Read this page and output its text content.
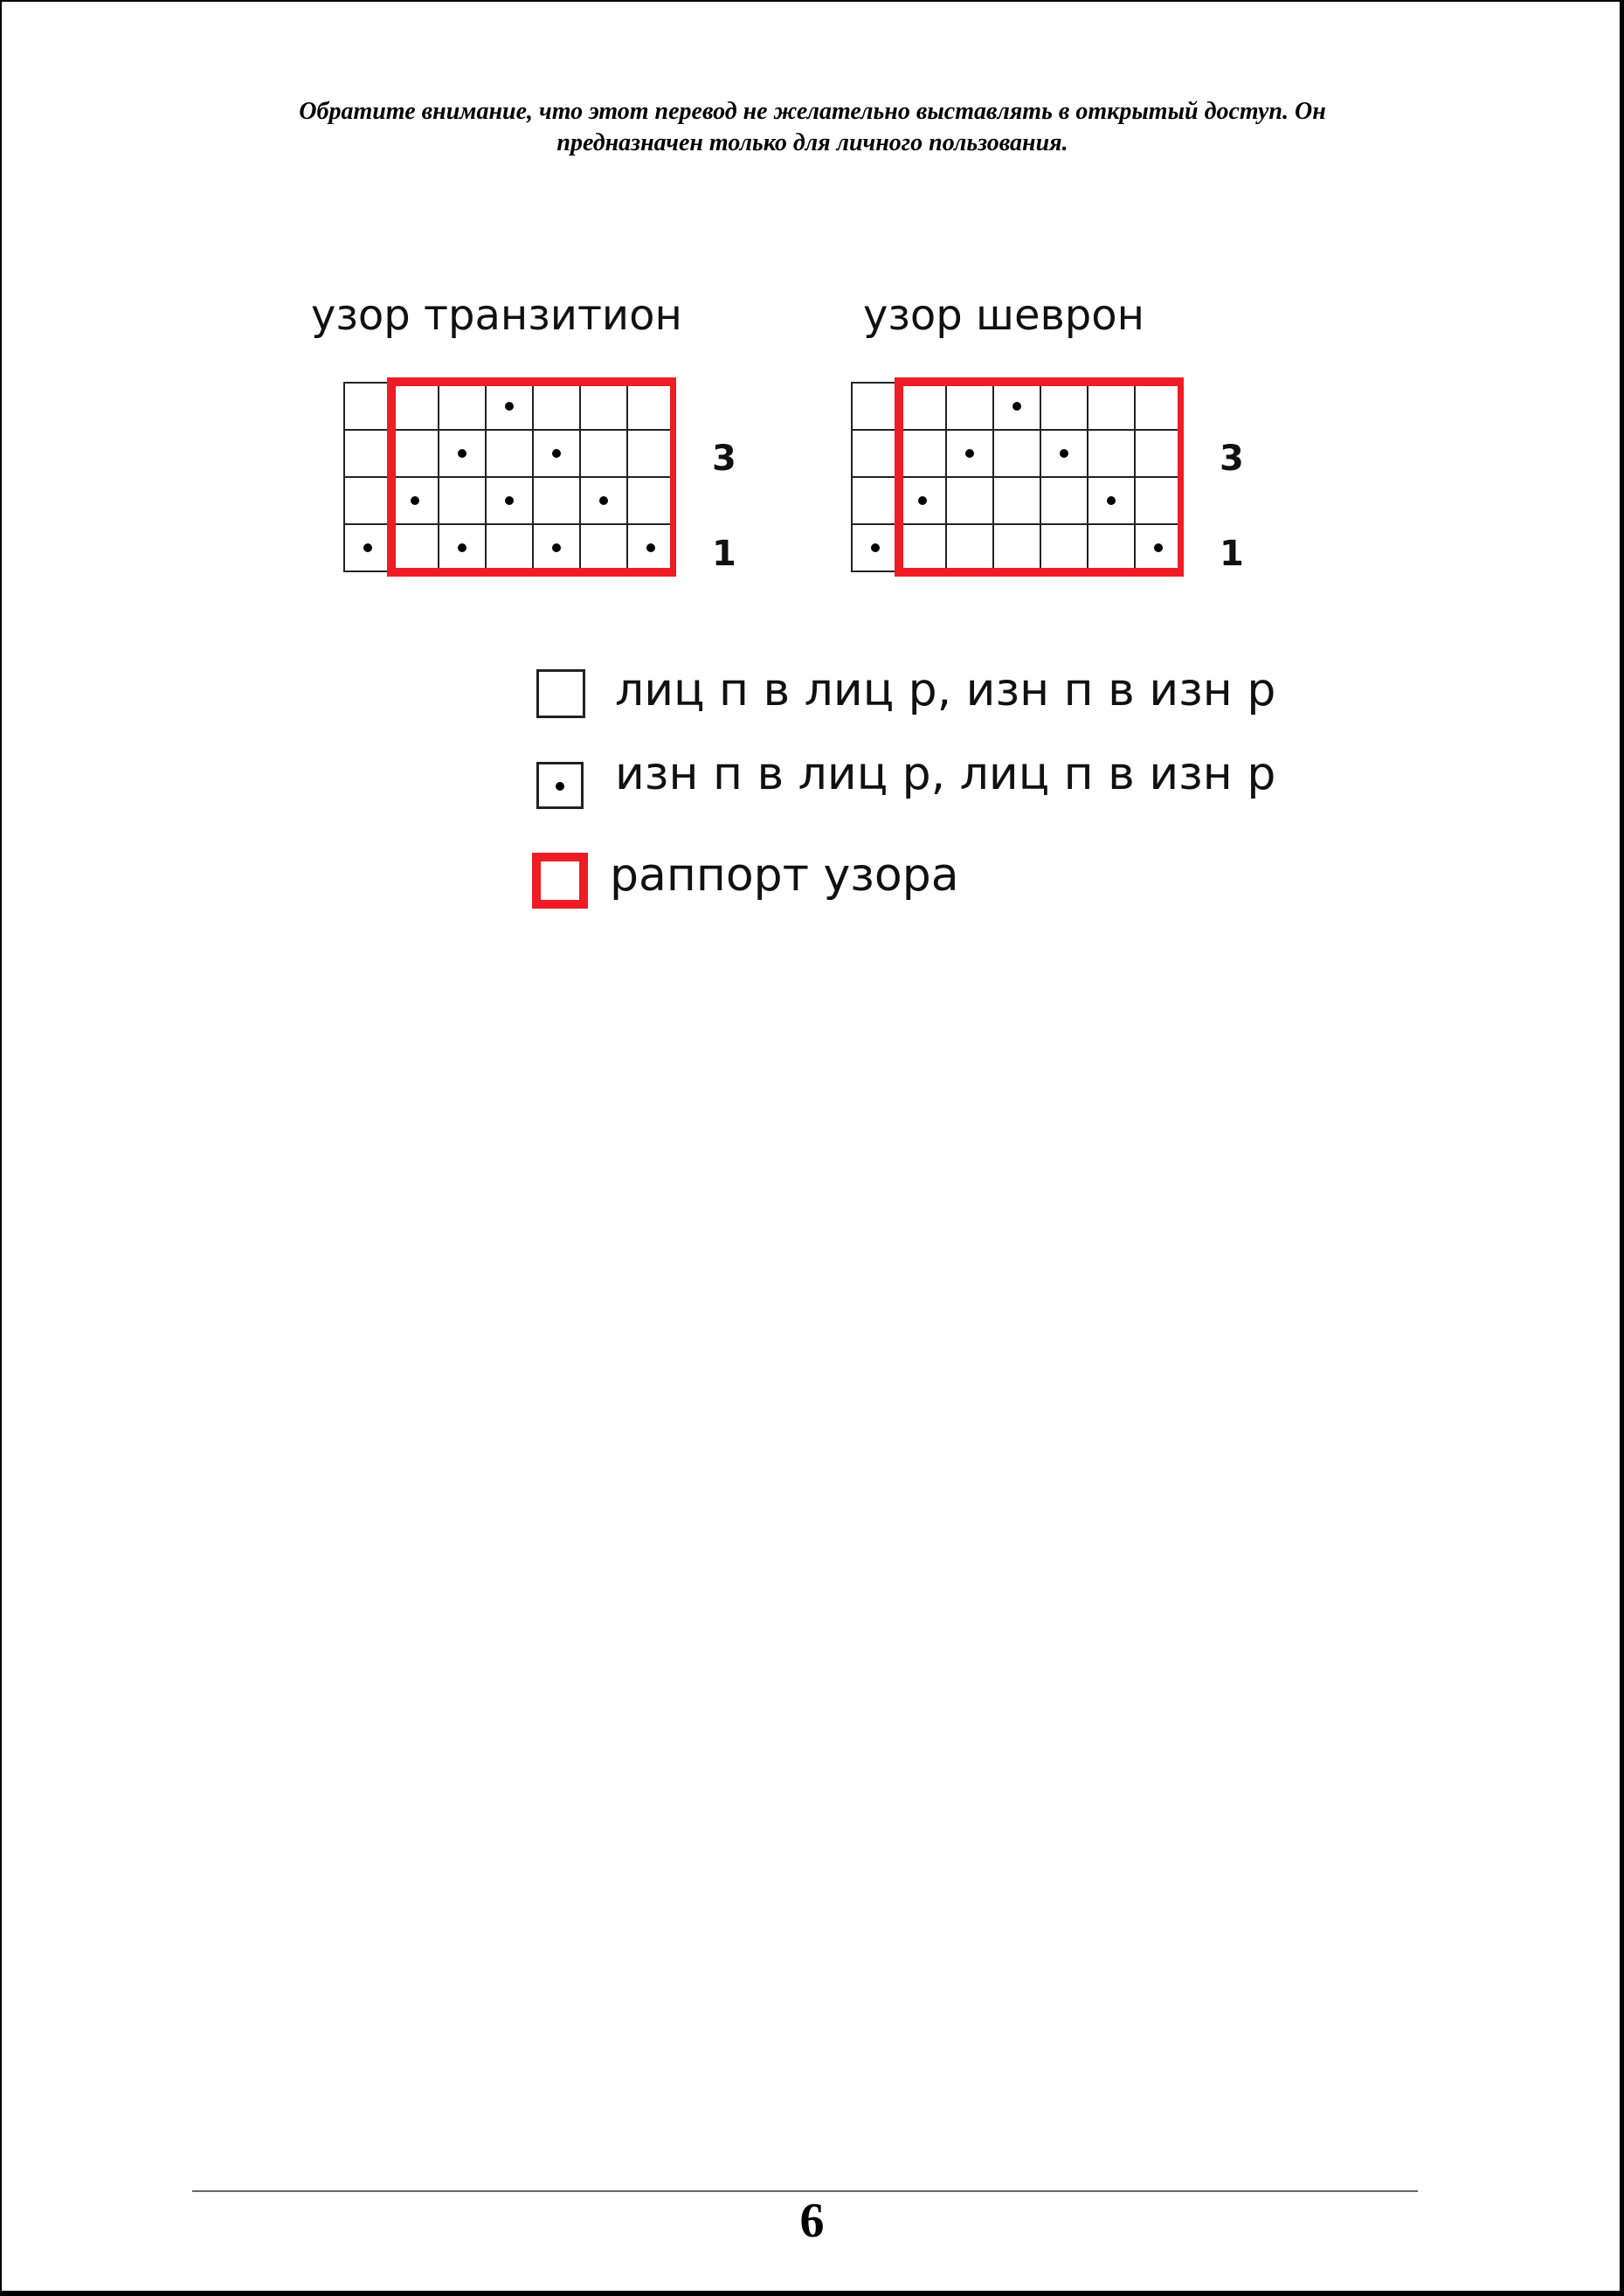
Обратите внимание, что этот перевод не желательно выставлять в открытый доступ. Он
предназначен только для личного пользования.
узор транзитион
3
1
узор шеврон
3
1
лиц п в лиц р, изн п в изн р
изн п в лиц р, лиц п в изн р
раппорт узора
6
